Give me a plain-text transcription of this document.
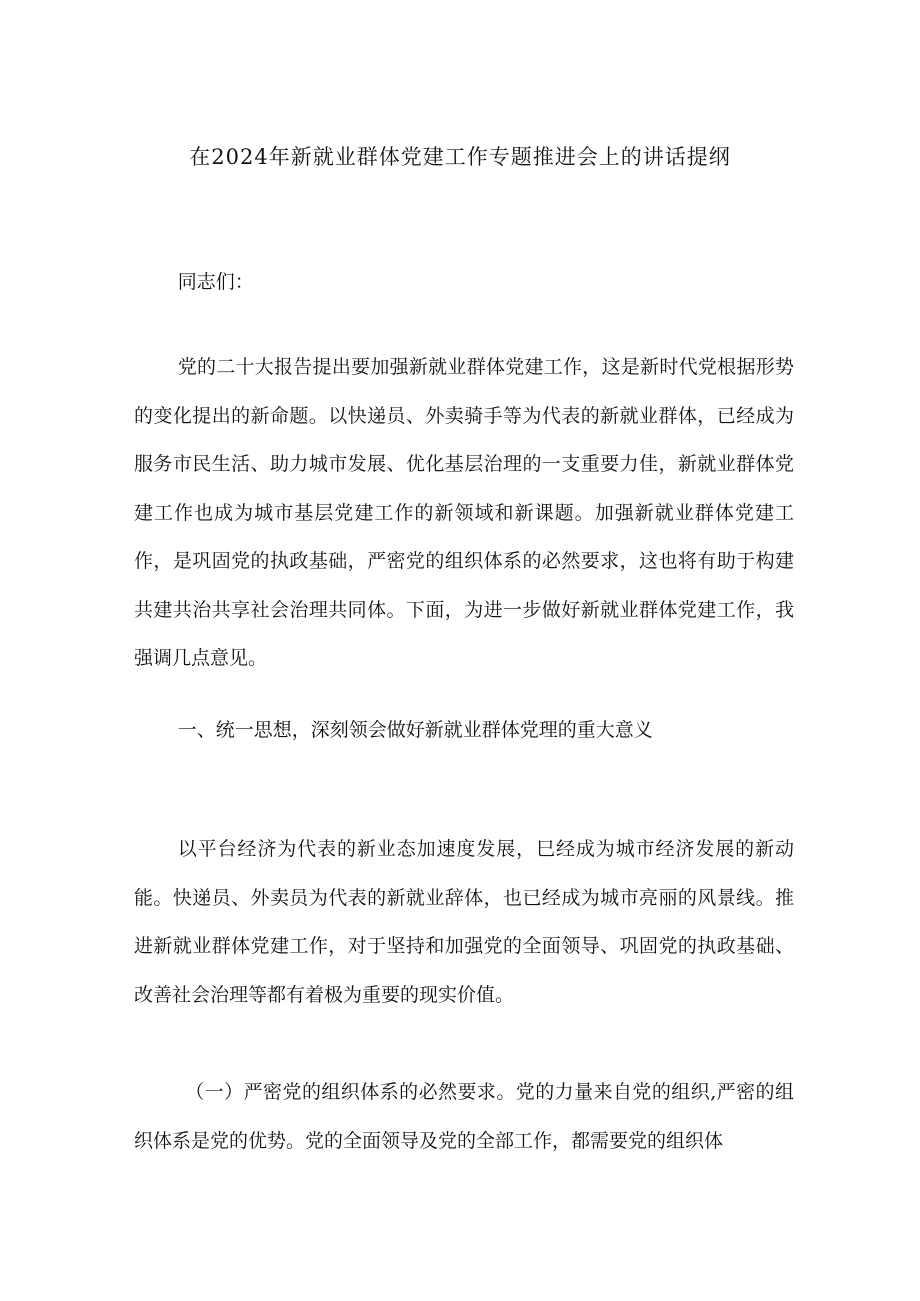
在2024年新就业群体党建工作专题推进会上的讲话提纲

同志们：

党的二十大报告提出要加强新就业群体党建工作，这是新时代党根据形势的变化提出的新命题。以快递员、外卖骑手等为代表的新就业群体，已经成为服务市民生活、助力城市发展、优化基层治理的一支重要力佳，新就业群体党建工作也成为城市基层党建工作的新领域和新课题。加强新就业群体党建工作，是巩固党的执政基础，严密党的组织体系的必然要求，这也将有助于构建共建共治共享社会治理共同体。下面，为进一步做好新就业群体党建工作，我强调几点意见。

一、统一思想，深刻领会做好新就业群体党理的重大意义

以平台经济为代表的新业态加速度发展，巳经成为城市经济发展的新动能。快递员、外卖员为代表的新就业辞体，也已经成为城市亮丽的风景线。推进新就业群体党建工作，对于坚持和加强党的全面领导、巩固党的执政基础、改善社会治理等都有着极为重要的现实价值。

（一）严密党的组织体系的必然要求。党的力量来自党的组织,严密的组织体系是党的优势。党的全面领导及党的全部工作，都需要党的组织体
